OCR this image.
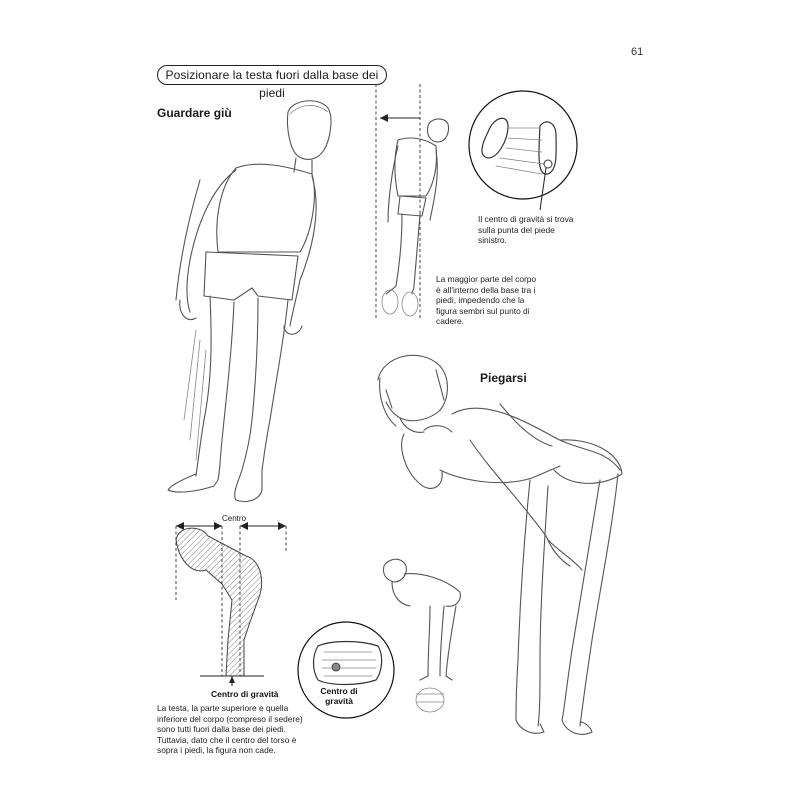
61
Posizionare la testa fuori dalla base dei piedi
Guardare giù
Il centro di gravità si trova sulla punta del piede sinistro.
La maggior parte del corpo è all'interno della base tra i piedi, impedendo che la figura sembri sul punto di cadere.
Piegarsi
Centro
Centro di gravità	Centro di gravità
La testa, la parte superiore e quella inferiore del corpo (compreso il sedere) sono tutti fuori dalla base dei piedi. Tuttavia, dato che il centro del torso è sopra i piedi, la figura non cade.
